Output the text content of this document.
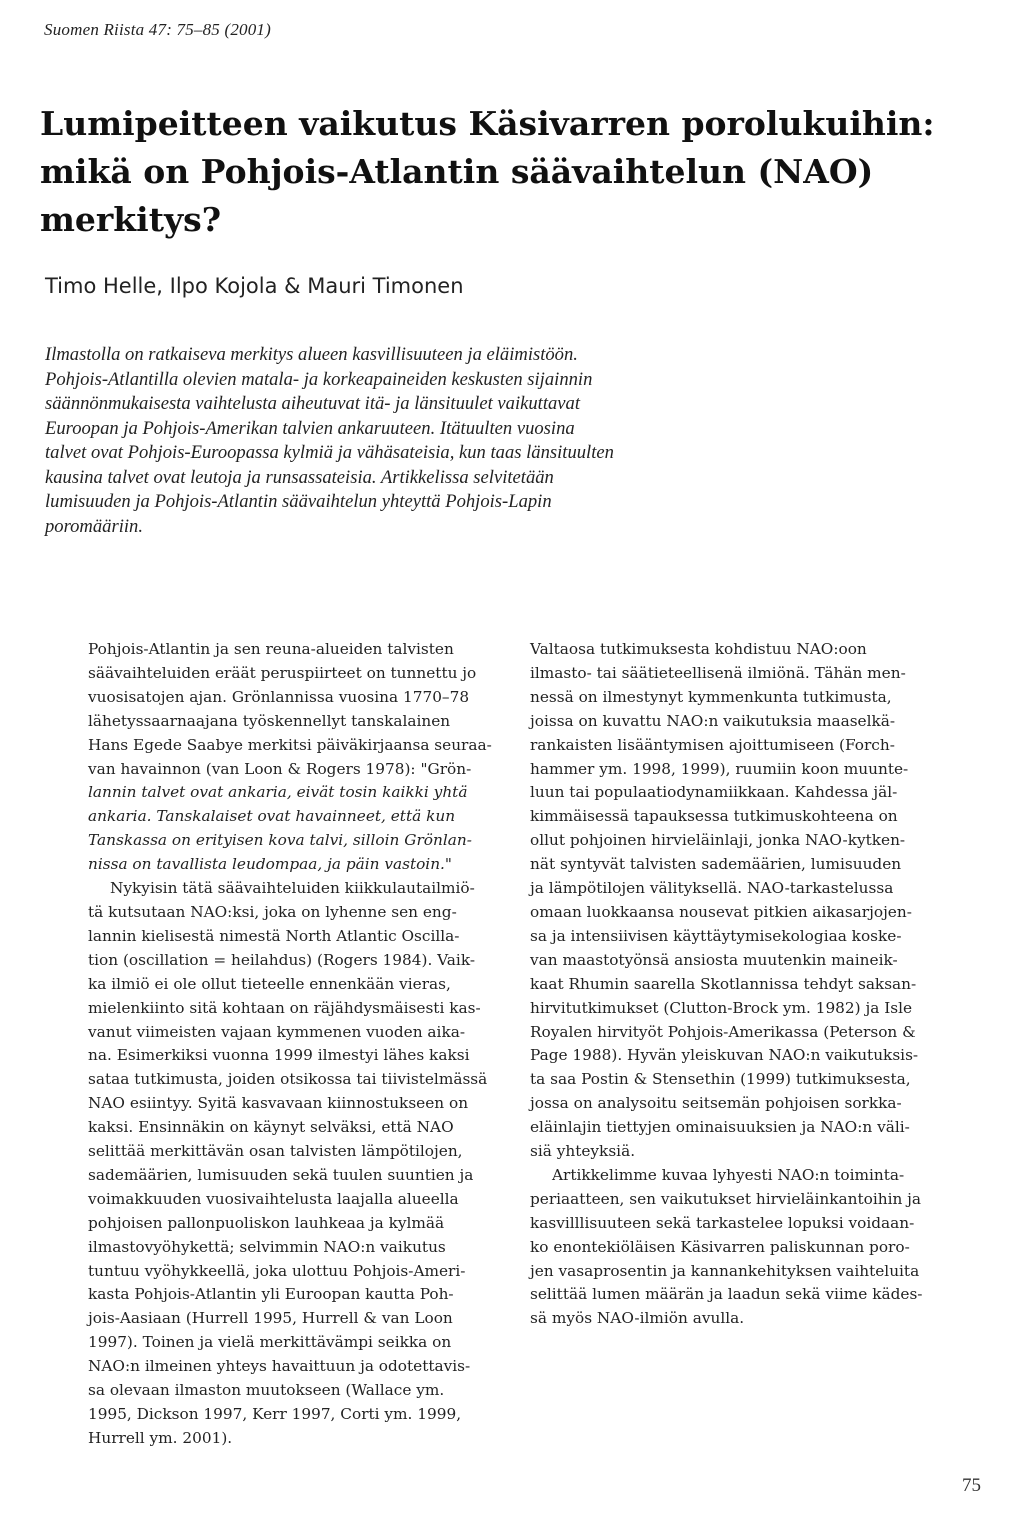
Suomen Riista 47: 75–85 (2001)
Lumipeitteen vaikutus Käsivarren porolukuihin:
mikä on Pohjois-Atlantin säävaihtelun (NAO)
merkitys?
Timo Helle, Ilpo Kojola & Mauri Timonen
Ilmastolla on ratkaiseva merkitys alueen kasvillisuuteen ja eläimistöön.
Pohjois-Atlantilla olevien matala- ja korkeapaineiden keskusten sijainnin
säännönmukaisesta vaihtelusta aiheutuvat itä- ja länsituulet vaikuttavat
Euroopan ja Pohjois-Amerikan talvien ankaruuteen. Itätuulten vuosina
talvet ovat Pohjois-Euroopassa kylmiä ja vähäsateisia, kun taas länsituulten
kausina talvet ovat leutoja ja runsassateisia. Artikkelissa selvitetään
lumisuuden ja Pohjois-Atlantin säävaihtelun yhteyttä Pohjois-Lapin
poromääriin.
Pohjois-Atlantin ja sen reuna-alueiden talvisten
säävaihteluiden eräät peruspiirteet on tunnettu jo
vuosisatojen ajan. Grönlannissa vuosina 1770–78
lähetyssaarnaajana työskennellyt tanskalainen
Hans Egede Saabye merkitsi päiväkirjaansa seuraa-
van havainnon (van Loon & Rogers 1978): "Grön-
lannin talvet ovat ankaria, eivät tosin kaikki yhtä
ankaria. Tanskalaiset ovat havainneet, että kun
Tanskassa on erityisen kova talvi, silloin Grönlan-
nissa on tavallista leudompaa, ja päin vastoin."
Nykyisin tätä säävaihteluiden kiikkulautailmiö-
tä kutsutaan NAO:ksi, joka on lyhenne sen eng-
lannin kielisestä nimestä North Atlantic Oscilla-
tion (oscillation = heilahdus) (Rogers 1984). Vaik-
ka ilmiö ei ole ollut tieteelle ennenkään vieras,
mielenkiinto sitä kohtaan on räjähdysmäisesti kas-
vanut viimeisten vajaan kymmenen vuoden aika-
na. Esimerkiksi vuonna 1999 ilmestyi lähes kaksi
sataa tutkimusta, joiden otsikossa tai tiivistelmässä
NAO esiintyy. Syitä kasvavaan kiinnostukseen on
kaksi. Ensinnäkin on käynyt selväksi, että NAO
selittää merkittävän osan talvisten lämpötilojen,
sademäärien, lumisuuden sekä tuulen suuntien ja
voimakkuuden vuosivaihtelusta laajalla alueella
pohjoisen pallonpuoliskon lauhkeaa ja kylmää
ilmastovyöhykettä; selvimmin NAO:n vaikutus
tuntuu vyöhykkeellä, joka ulottuu Pohjois-Ameri-
kasta Pohjois-Atlantin yli Euroopan kautta Poh-
jois-Aasiaan (Hurrell 1995, Hurrell & van Loon
1997). Toinen ja vielä merkittävämpi seikka on
NAO:n ilmeinen yhteys havaittuun ja odotettavis-
sa olevaan ilmaston muutokseen (Wallace ym.
1995, Dickson 1997, Kerr 1997, Corti ym. 1999,
Hurrell ym. 2001).
Valtaosa tutkimuksesta kohdistuu NAO:oon
ilmasto- tai säätieteellisenä ilmiönä. Tähän men-
nessä on ilmestynyt kymmenkunta tutkimusta,
joissa on kuvattu NAO:n vaikutuksia maaselkä-
rankaisten lisääntymisen ajoittumiseen (Forch-
hammer ym. 1998, 1999), ruumiin koon muunte-
luun tai populaatiodynamiikkaan. Kahdessa jäl-
kimmäisessä tapauksessa tutkimuskohteena on
ollut pohjoinen hirvieläinlaji, jonka NAO-kytken-
nät syntyvät talvisten sademäärien, lumisuuden
ja lämpötilojen välityksellä. NAO-tarkastelussa
omaan luokkaansa nousevat pitkien aikasarjojen-
sa ja intensiivisen käyttäytymisekologiaa koske-
van maastotyönsä ansiosta muutenkin maineik-
kaat Rhumin saarella Skotlannissa tehdyt saksan-
hirvitutkimukset (Clutton-Brock ym. 1982) ja Isle
Royalen hirvityöt Pohjois-Amerikassa (Peterson &
Page 1988). Hyvän yleiskuvan NAO:n vaikutuksis-
ta saa Postin & Stensethin (1999) tutkimuksesta,
jossa on analysoitu seitsemän pohjoisen sorkka-
eläinlajin tiettyjen ominaisuuksien ja NAO:n väli-
siä yhteyksiä.
Artikkelimme kuvaa lyhyesti NAO:n toiminta-
periaatteen, sen vaikutukset hirvieläinkantoihin ja
kasvilllisuuteen sekä tarkastelee lopuksi voidaan-
ko enontekiöläisen Käsivarren paliskunnan poro-
jen vasaprosentin ja kannankehityksen vaihteluita
selittää lumen määrän ja laadun sekä viime kädes-
sä myös NAO-ilmiön avulla.
75
